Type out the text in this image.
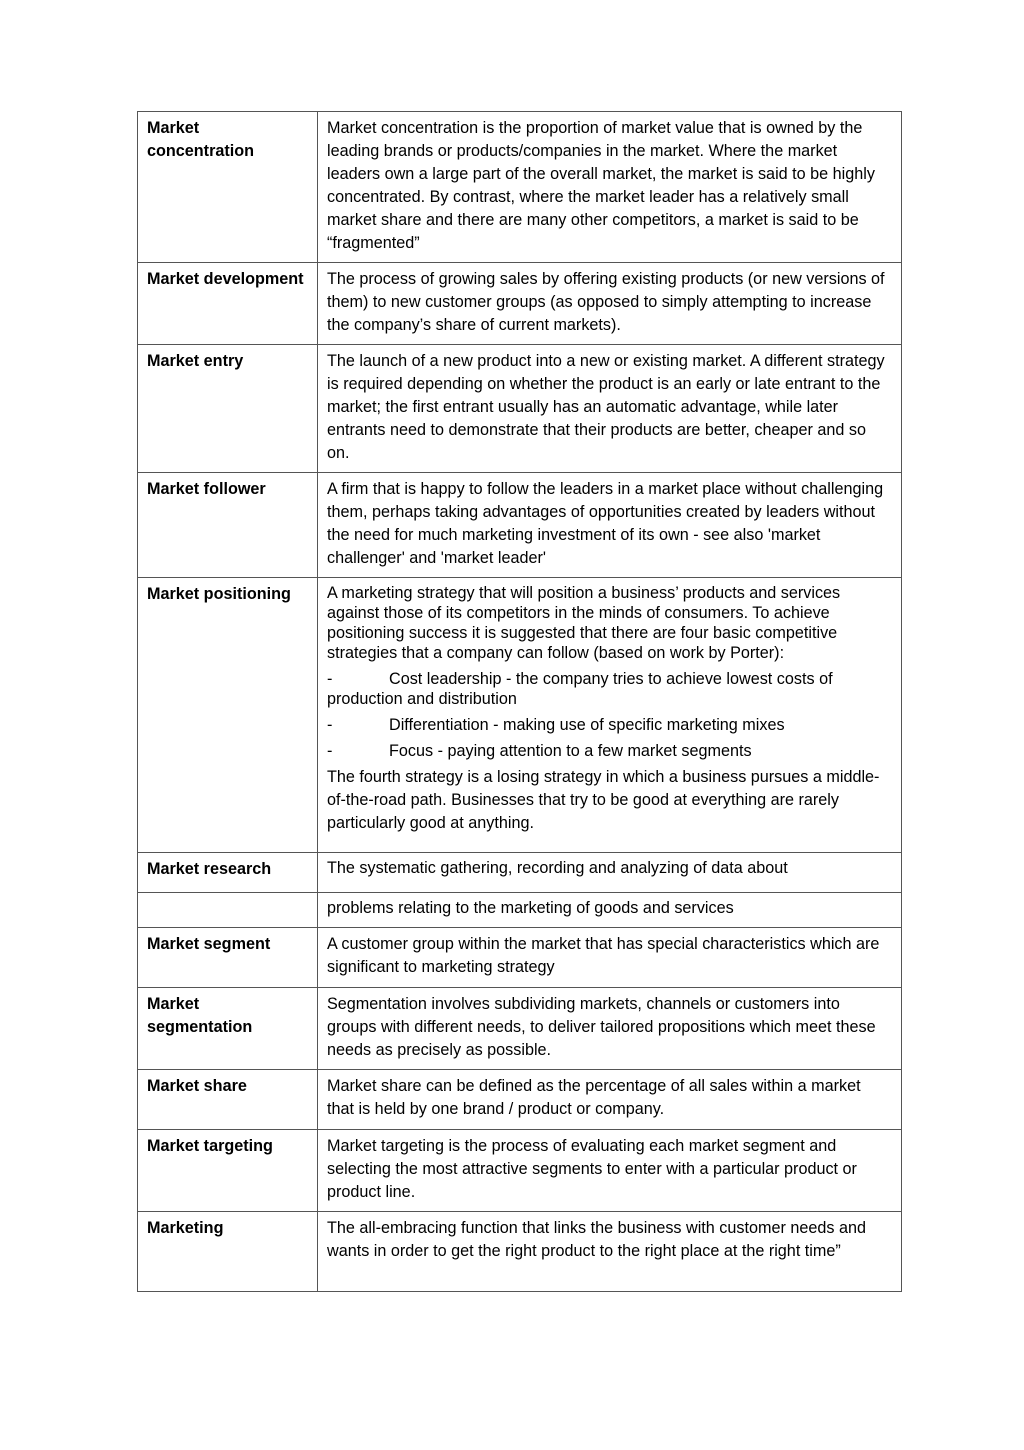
Market concentration	Market concentration is the proportion of market value that is owned by the leading brands or products/companies in the market. Where the market leaders own a large part of the overall market, the market is said to be highly concentrated. By contrast, where the market leader has a relatively small market share and there are many other competitors, a market is said to be “fragmented”
Market development	The process of growing sales by offering existing products (or new versions of them) to new customer groups (as opposed to simply attempting to increase the company’s share of current markets).
Market entry	The launch of a new product into a new or existing market. A different strategy is required depending on whether the product is an early or late entrant to the market; the first entrant usually has an automatic advantage, while later entrants need to demonstrate that their products are better, cheaper and so on.
Market follower	A firm that is happy to follow the leaders in a market place without challenging them, perhaps taking advantages of opportunities created by leaders without the need for much marketing investment of its own - see also 'market challenger' and 'market leader'
Market positioning	A marketing strategy that will position a business’ products and services against those of its competitors in the minds of consumers. To achieve positioning success it is suggested that there are four basic competitive strategies that a company can follow (based on work by Porter):
- Cost leadership - the company tries to achieve lowest costs of production and distribution
- Differentiation - making use of specific marketing mixes
- Focus - paying attention to a few market segments
The fourth strategy is a losing strategy in which a business pursues a middle-of-the-road path. Businesses that try to be good at everything are rarely particularly good at anything.

Market research	The systematic gathering, recording and analyzing of data about
	problems relating to the marketing of goods and services
Market segment	A customer group within the market that has special characteristics which are significant to marketing strategy
Market segmentation	Segmentation involves subdividing markets, channels or customers into groups with different needs, to deliver tailored propositions which meet these needs as precisely as possible.
Market share	Market share can be defined as the percentage of all sales within a market that is held by one brand / product or company.
Market targeting	Market targeting is the process of evaluating each market segment and selecting the most attractive segments to enter with a particular product or product line.
Marketing	The all-embracing function that links the business with customer needs and wants in order to get the right product to the right place at the right time”
